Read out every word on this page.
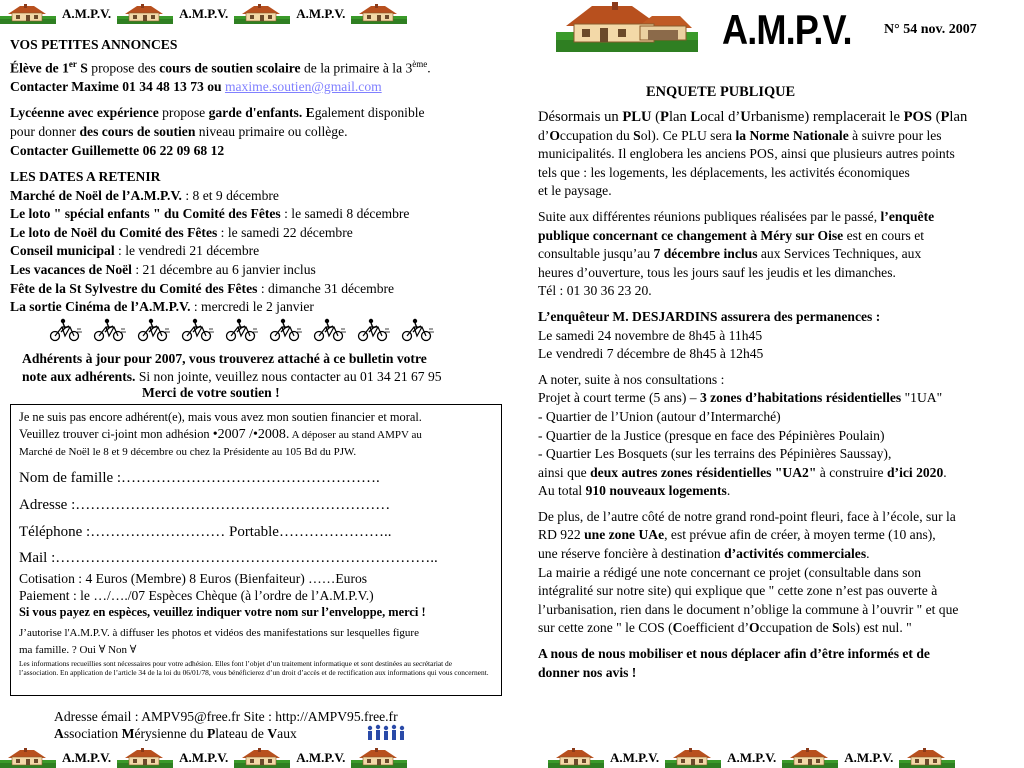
A.M.P.V.	A.M.P.V.	A.M.P.V.	A.M.P.V. N° 54 nov. 2007

VOS PETITES ANNONCES

Élève de 1er S propose des cours de soutien scolaire de la primaire à la 3ème.

Contacter Maxime 01 34 48 13 73 ou maxime.soutien@gmail.com

Lycéenne avec expérience propose garde d'enfants. Egalement disponible

pour donner des cours de soutien niveau primaire ou collège.

Contacter Guillemette 06 22 09 68 12

LES DATES A RETENIR

Marché de Noël de l’A.M.P.V. : 8 et 9 décembre

Le loto " spécial enfants " du Comité des Fêtes : le samedi 8 décembre

Le loto de Noël du Comité des Fêtes : le samedi 22 décembre

Conseil municipal : le vendredi 21 décembre

Les vacances de Noël : 21 décembre au 6 janvier inclus

Fête de la St Sylvestre du Comité des Fêtes : dimanche 31 décembre

La sortie Cinéma de l’A.M.P.V. : mercredi le 2 janvier

Adhérents à jour pour 2007, vous trouverez attaché à ce bulletin votre
note aux adhérents. Si non jointe, veuillez nous contacter au 01 34 21 67 95
Merci de votre soutien !

Je ne suis pas encore adhérent(e), mais vous avez mon soutien financier et moral.

Veuillez trouver ci-joint mon adhésion •2007 /•2008. A déposer au stand AMPV au

Marché de Noël le 8 et 9 décembre ou chez la Présidente au 105 Bd du PJW.

Nom de famille :…………………………………………….

Adresse :………………………………………………………

Téléphone :……………………… Portable…………………..

Mail :…………………………………………………………………..

Cotisation : 4 Euros (Membre) 8 Euros (Bienfaiteur) ……Euros

Paiement : le …/…./07 Espèces Chèque (à l’ordre de l’A.M.P.V.)

Si vous payez en espèces, veuillez indiquer votre nom sur l’enveloppe, merci !

J’autorise l'A.M.P.V. à diffuser les photos et vidéos des manifestations sur lesquelles figure

ma famille. ? Oui ∀ Non ∀

Les informations recueillies sont nécessaires pour votre adhésion. Elles font l’objet d’un traitement informatique et sont destinées au secrétariat de l’association. En application de l’article 34 de la loi du 06/01/78, vous bénéficierez d’un droit d’accès et de rectification aux informations qui vous concernent.

Adresse émail : AMPV95@free.fr Site : http://AMPV95.free.fr
Association Mérysienne du Plateau de Vaux
ENQUETE PUBLIQUE

Désormais un PLU (Plan Local d’Urbanisme) remplacerait le POS (Plan

d’Occupation du Sol). Ce PLU sera la Norme Nationale à suivre pour les

municipalités. Il englobera les anciens POS, ainsi que plusieurs autres points

tels que : les logements, les déplacements, les activités économiques

et le paysage.

Suite aux différentes réunions publiques réalisées par le passé, l’enquête

publique concernant ce changement à Méry sur Oise est en cours et

consultable jusqu’au 7 décembre inclus aux Services Techniques, aux

heures d’ouverture, tous les jours sauf les jeudis et les dimanches.

Tél : 01 30 36 23 20.

L’enquêteur M. DESJARDINS assurera des permanences :

Le samedi 24 novembre de 8h45 à 11h45

Le vendredi 7 décembre de 8h45 à 12h45

A noter, suite à nos consultations :

Projet à court terme (5 ans) – 3 zones d’habitations résidentielles "1UA"

- Quartier de l’Union (autour d’Intermarché)

- Quartier de la Justice (presque en face des Pépinières Poulain)

- Quartier Les Bosquets (sur les terrains des Pépinières Saussay),

ainsi que deux autres zones résidentielles "UA2" à construire d’ici 2020.

Au total 910 nouveaux logements.

De plus, de l’autre côté de notre grand rond-point fleuri, face à l’école, sur la

RD 922 une zone UAe, est prévue afin de créer, à moyen terme (10 ans),

une réserve foncière à destination d’activités commerciales.

La mairie a rédigé une note concernant ce projet (consultable dans son

intégralité sur notre site) qui explique que " cette zone n’est pas ouverte à

l’urbanisation, rien dans le document n’oblige la commune à l’ouvrir " et que

sur cette zone " le COS (Coefficient d’Occupation de Sols) est nul. "

A nous de nous mobiliser et nous déplacer afin d’être informés et de

donner nos avis !

A.M.P.V.	A.M.P.V.	A.M.P.V.	A.M.P.V.	A.M.P.V.	A.M.P.V.
